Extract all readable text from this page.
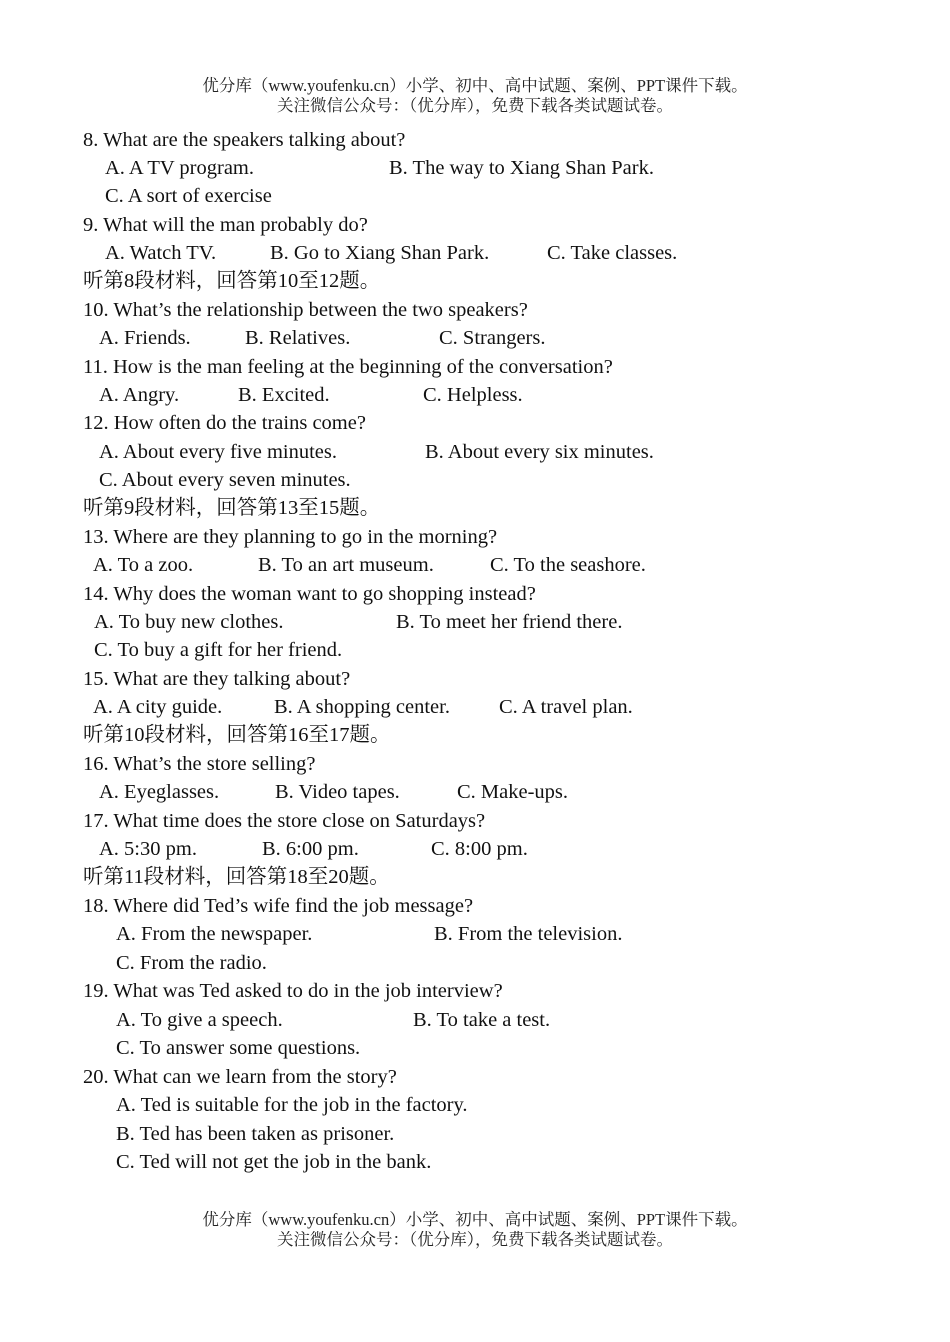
优分库（www.youfenku.cn）小学、初中、高中试题、案例、PPT课件下载。
关注微信公众号：（优分库），免费下载各类试题试卷。
8. What are the speakers talking about?
A. A TV program.	B. The way to Xiang Shan Park.
C. A sort of exercise
9. What will the man probably do?
A. Watch TV.	B. Go to Xiang Shan Park.	C. Take classes.
听第8段材料，回答第10至12题。
10. What’s the relationship between the two speakers?
A. Friends.	B. Relatives.	C. Strangers.
11. How is the man feeling at the beginning of the conversation?
A. Angry.	B. Excited.	C. Helpless.
12. How often do the trains come?
A. About every five minutes.	B. About every six minutes.
C. About every seven minutes.
听第9段材料，回答第13至15题。
13. Where are they planning to go in the morning?
A. To a zoo.	B. To an art museum.	C. To the seashore.
14. Why does the woman want to go shopping instead?
A. To buy new clothes.	B. To meet her friend there.
C. To buy a gift for her friend.
15. What are they talking about?
A. A city guide.	B. A shopping center. C. A travel plan.
听第10段材料，回答第16至17题。
16. What’s the store selling?
A. Eyeglasses.	B. Video tapes.	C. Make-ups.
17. What time does the store close on Saturdays?
A. 5:30 pm.	B. 6:00 pm.	C. 8:00 pm.
听第11段材料，回答第18至20题。
18. Where did Ted’s wife find the job message?
A. From the newspaper.	B. From the television.
C. From the radio.
19. What was Ted asked to do in the job interview?
A. To give a speech.	B. To take a test.
C. To answer some questions.
20. What can we learn from the story?
A. Ted is suitable for the job in the factory.
B. Ted has been taken as prisoner.
C. Ted will not get the job in the bank.
优分库（www.youfenku.cn）小学、初中、高中试题、案例、PPT课件下载。
关注微信公众号：（优分库），免费下载各类试题试卷。
